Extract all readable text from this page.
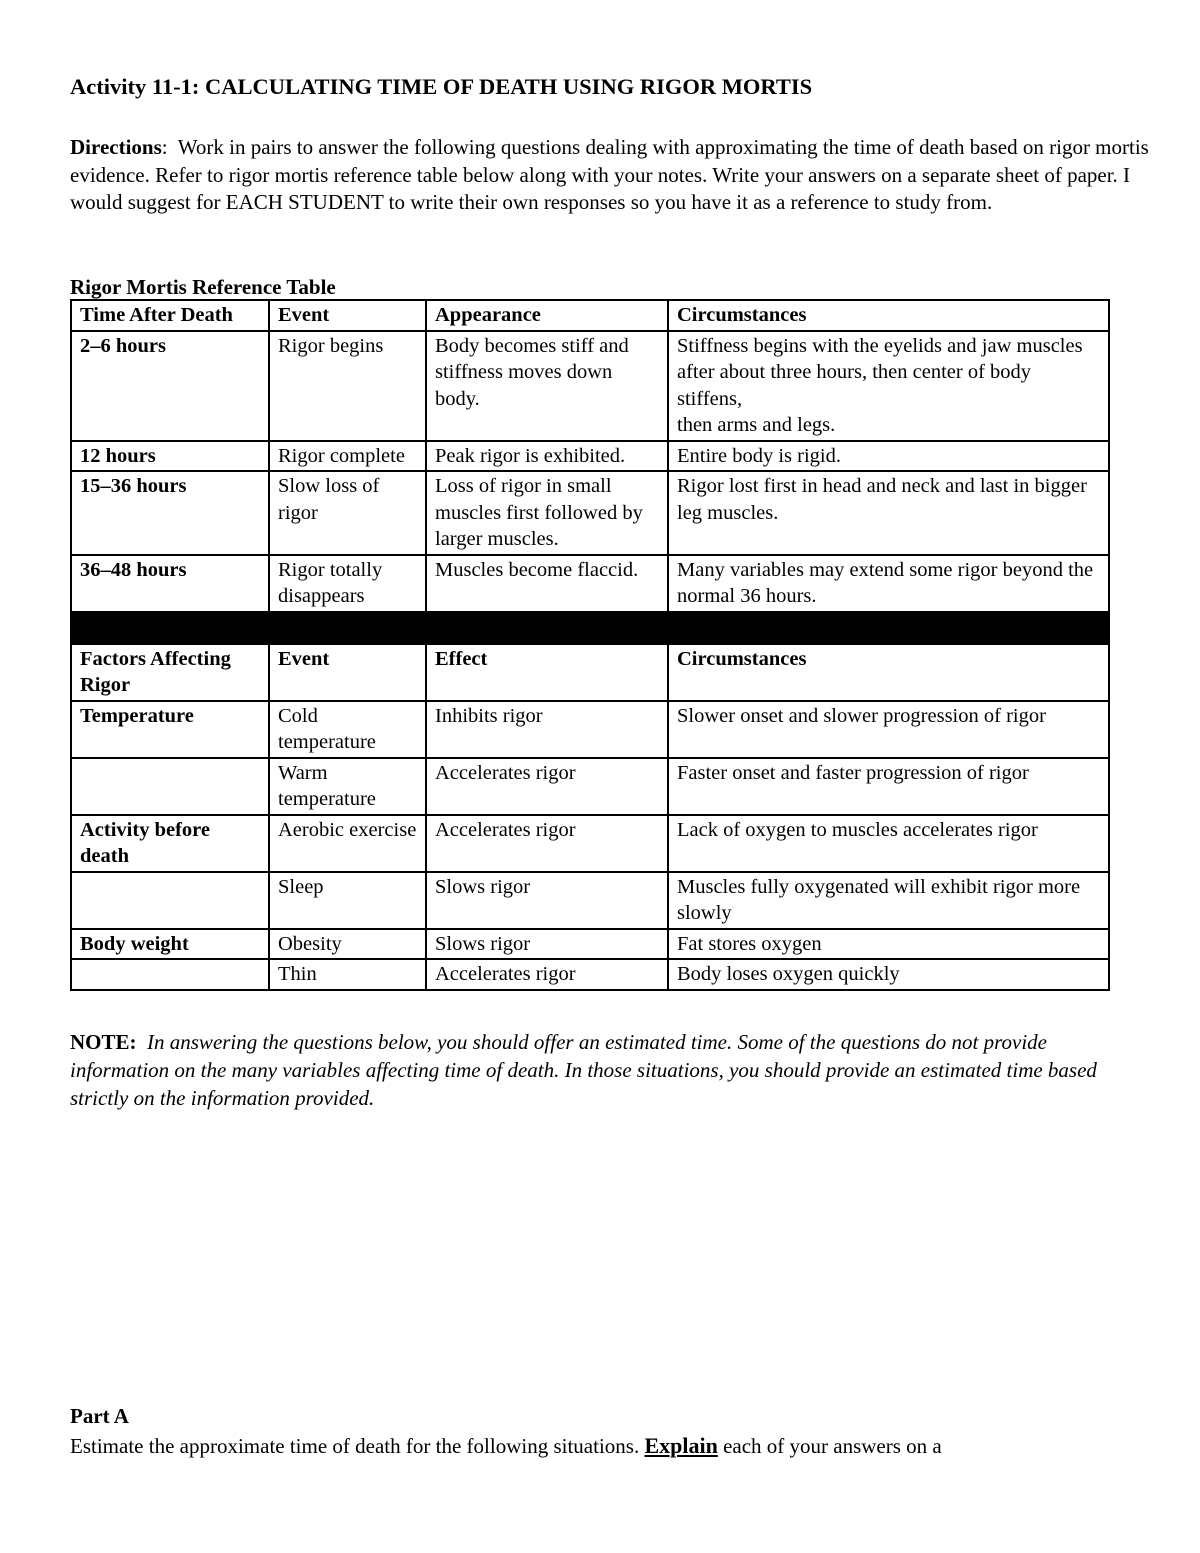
Activity 11-1: CALCULATING TIME OF DEATH USING RIGOR MORTIS
Directions: Work in pairs to answer the following questions dealing with approximating the time of death based on rigor mortis evidence. Refer to rigor mortis reference table below along with your notes. Write your answers on a separate sheet of paper. I would suggest for EACH STUDENT to write their own responses so you have it as a reference to study from.
Rigor Mortis Reference Table
Time After Death	Event	Appearance	Circumstances
2–6 hours	Rigor begins	Body becomes stiff and stiffness moves down body.	Stiffness begins with the eyelids and jaw muscles after about three hours, then center of body stiffens,
then arms and legs.
12 hours	Rigor complete	Peak rigor is exhibited.	Entire body is rigid.
15–36 hours	Slow loss of rigor	Loss of rigor in small muscles first followed by larger muscles.	Rigor lost first in head and neck and last in bigger leg muscles.
36–48 hours	Rigor totally disappears	Muscles become flaccid.	Many variables may extend some rigor beyond the normal 36 hours.

Factors Affecting Rigor	Event	Effect	Circumstances
Temperature	Cold temperature	Inhibits rigor	Slower onset and slower progression of rigor
	Warm temperature	Accelerates rigor	Faster onset and faster progression of rigor
Activity before death	Aerobic exercise	Accelerates rigor	Lack of oxygen to muscles accelerates rigor
	Sleep	Slows rigor	Muscles fully oxygenated will exhibit rigor more slowly
Body weight	Obesity	Slows rigor	Fat stores oxygen
	Thin	Accelerates rigor	Body loses oxygen quickly
NOTE: In answering the questions below, you should offer an estimated time. Some of the questions do not provide information on the many variables affecting time of death. In those situations, you should provide an estimated time based strictly on the information provided.
Part A
Estimate the approximate time of death for the following situations. Explain each of your answers on a
